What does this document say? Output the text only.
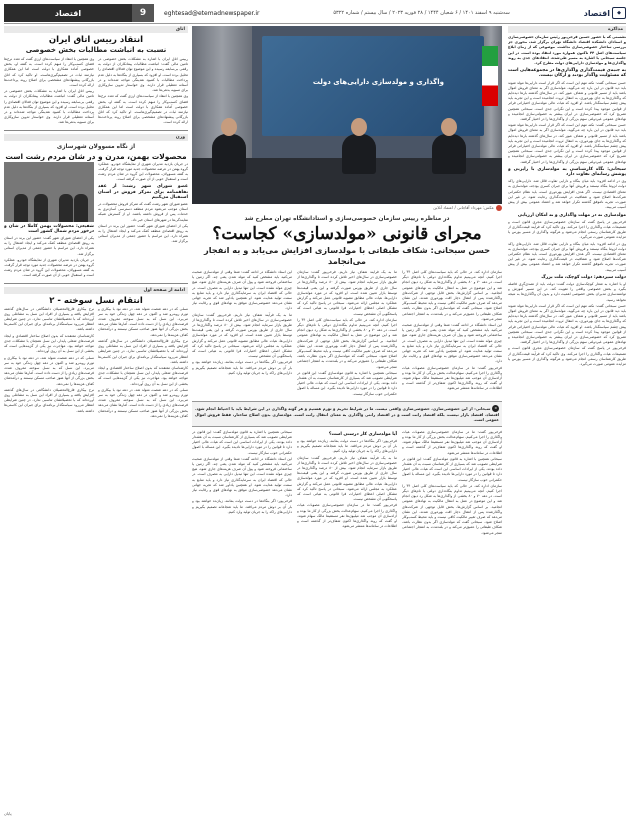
◆
اقتصاد
سه‌شنبه ۹ اسفند ۱۴۰۱ / ۶ شعبان ۱۴۴۴ / ۲۸ فوریه ۲۰۲۳ / سال بیستم / شماره ۵۳۲۲
eghtesad@etemadnewspaper.ir
9
اقتصاد
مذاکره

نشستی که با حضور حسین فرخی‌پور رئیس سازمان خصوصی‌سازی و استادان دانشکده اقتصاد دانشگاه تهران برگزار شد، محوری جز بررسی ساختار خصوصی‌سازی نداشت. موضوعی که از زمان ابلاغ سیاست‌های اصل ۴۴ تاکنون همواره مورد انتقاد بوده است. در این جلسه سبحانی با اشاره به مسیر طی‌شده، انتقادهای جدی به روند واگذاری‌ها و مولدسازی دارایی‌های دولت مطرح کرد.

به جنبه‌ی قیمت‌گذاری واگذاری‌ها در مجموعه‌هایی است که مسئولیت واگذار بودند و ارکان نیست.

حسن سبحانی گفت: نکته مهم این است که اگر قرار است دارایی‌ها مولد شوند باید دید قانون در این باره چه می‌گوید. مولدسازی اگر به معنای فروش اموال باشد باید از مسیر قانونی و شفاف عبور کند. در سال‌های گذشته بارها دیده‌ایم که واگذاری‌ها به جای بهره‌وری، به انتقال ثروت انجامیده است و این تجربه باید پیش چشم سیاستگذار باشد. او افزود که هیات عالی مولدسازی اختیاراتی فراتر از قوانین موجود پیدا کرده است و این نگرانی جدی است. سبحانی همچنین تصریح کرد که خصوصی‌سازی در ایران بیشتر به خصولتی‌سازی انجامیده و نهادهای عمومی غیردولتی سهم بزرگی از واگذاری‌ها را در اختیار گرفتند.

حسن سبحانی گفت: نکته مهم این است که اگر قرار است دارایی‌ها مولد شوند باید دید قانون در این باره چه می‌گوید. مولدسازی اگر به معنای فروش اموال باشد باید از مسیر قانونی و شفاف عبور کند. در سال‌های گذشته بارها دیده‌ایم که واگذاری‌ها به جای بهره‌وری، به انتقال ثروت انجامیده است و این تجربه باید پیش چشم سیاستگذار باشد. او افزود که هیات عالی مولدسازی اختیاراتی فراتر از قوانین موجود پیدا کرده است و این نگرانی جدی است. سبحانی همچنین تصریح کرد که خصوصی‌سازی در ایران بیشتر به خصولتی‌سازی انجامیده و نهادهای عمومی غیردولتی سهم بزرگی از واگذاری‌ها را در اختیار گرفتند.

سبحانی: نگاه کارشناسی به مولدسازی با رایزنی و پوشش رسانه‌ای تفاوت دارد

وی در ادامه افزود: باید میان بنگاه و دارایی تفاوت قائل شد. دارایی‌های راکد دولت لزوما بنگاه نیستند و فروش آنها برای جبران کسری بودجه، مولدسازی به معنای اقتصادی نیست. اگر هدف افزایش بهره‌وری است، باید نظام حکمرانی شرکت‌ها اصلاح شود و شفافیت در قیمت‌گذاری رعایت شود. در غیر این صورت، تجربه ناموفق گذشته تکرار خواهد شد و اعتماد عمومی بیش از پیش آسیب می‌بیند.

مولدسازی نه در مهلت واگذاری و نه امکان ارزیابی

فرخی‌پور در پاسخ گفت که سازمان خصوصی‌سازی مجری قانون است و تصمیمات هیات واگذاری را اجرا می‌کند. وی تاکید کرد که فرآیند قیمت‌گذاری از طریق کارشناسان رسمی انجام می‌شود و هرگونه واگذاری از مسیر بورس یا مزایده عمومی صورت می‌گیرد.

وی در ادامه افزود: باید میان بنگاه و دارایی تفاوت قائل شد. دارایی‌های راکد دولت لزوما بنگاه نیستند و فروش آنها برای جبران کسری بودجه، مولدسازی به معنای اقتصادی نیست. اگر هدف افزایش بهره‌وری است، باید نظام حکمرانی شرکت‌ها اصلاح شود و شفافیت در قیمت‌گذاری رعایت شود. در غیر این صورت، تجربه ناموفق گذشته تکرار خواهد شد و اعتماد عمومی بیش از پیش آسیب می‌بیند.

دولت سیزدهم: دولت کوچک، ملت بزرگ

او با اشاره به شعار کوچک‌سازی دولت گفت: دولت باید از تصدی‌گری فاصله بگیرد و بخش خصوصی واقعی را تقویت کند. در این مسیر آموزش و توانمندسازی مدیران بخش خصوصی اهمیت دارد و بدون آن واگذاری‌ها به نتیجه نخواهد رسید.

حسن سبحانی گفت: نکته مهم این است که اگر قرار است دارایی‌ها مولد شوند باید دید قانون در این باره چه می‌گوید. مولدسازی اگر به معنای فروش اموال باشد باید از مسیر قانونی و شفاف عبور کند. در سال‌های گذشته بارها دیده‌ایم که واگذاری‌ها به جای بهره‌وری، به انتقال ثروت انجامیده است و این تجربه باید پیش چشم سیاستگذار باشد. او افزود که هیات عالی مولدسازی اختیاراتی فراتر از قوانین موجود پیدا کرده است و این نگرانی جدی است. سبحانی همچنین تصریح کرد که خصوصی‌سازی در ایران بیشتر به خصولتی‌سازی انجامیده و نهادهای عمومی غیردولتی سهم بزرگی از واگذاری‌ها را در اختیار گرفتند.

فرخی‌پور در پاسخ گفت که سازمان خصوصی‌سازی مجری قانون است و تصمیمات هیات واگذاری را اجرا می‌کند. وی تاکید کرد که فرآیند قیمت‌گذاری از طریق کارشناسان رسمی انجام می‌شود و هرگونه واگذاری از مسیر بورس یا مزایده عمومی صورت می‌گیرد.

واگذاری و مولدسازی دارایی‌های دولت
عکس: مهرداد آقاجانی / اعتماد آنلاین
در مناظره رییس سازمان خصوصی‌سازی و استادانشگاه تهران مطرح شد
مجرای قانونی «مولدسازی» کجاست؟
حسن سبحانی: شکاف طبقاتی با مولدسازی افزایش می‌یابد و به انفجار می‌انجامد

سازمان اداره کند. در حالی که باید سیاست‌های کلی اصل ۴۴ را اجرا کنیم، آنچه می‌بینیم تداوم بنگاه‌داری دولتی با نام‌های دیگر است. در دهه ۷۰ و ۸۰ بخشی از واگذاری‌ها به شکل رد دیون انجام شد و این موضوع در عمل به انتقال مالکیت به نهادهای عمومی انجامید. بر اساس گزارش‌ها، بخش قابل توجهی از شرکت‌های واگذارشده پس از انتقال دچار افت بهره‌وری شدند. این نشان می‌دهد که صرف تغییر مالکیت کافی نیست و باید محیط کسب‌وکار اصلاح شود. سبحانی گفت که مولدسازی اگر بدون نظارت باشد، شکاف طبقاتی را عمیق‌تر می‌کند و در بلندمدت به انفجار اجتماعی منجر می‌شود.

این استاد دانشگاه در ادامه گفت: شما وقتی از مولدسازی صحبت می‌کنید باید مشخص کنید که مولد شدن یعنی چه. اگر زمین یا ساختمانی فروخته شود و پول آن صرف هزینه‌های جاری شود، هیچ چیزی مولد نشده است. این تنها تبدیل دارایی به مصرف است. در حالی که اقتصاد ایران به سرمایه‌گذاری نیاز دارد و باید منابع به سمت تولید هدایت شود. او همچنین یادآور شد که تجربه جهانی نشان می‌دهد خصوصی‌سازی موفق به نهادهای قوی و رقابت نیاز دارد.

فرخی‌پور گفت: ما در سازمان خصوصی‌سازی مصوبات هیات واگذاری را اجرا می‌کنیم. سهام‌عدالت بخش بزرگی از کار ما بوده و آزادسازی آن موجب شد میلیون‌ها نفر مستقیما مالک سهام شوند. او گفت که روند واگذاری‌ها اکنون شفاف‌تر از گذشته است و اطلاعات در سامانه‌ها منتشر می‌شود.

ما به یک فرآیند شفاف نیاز داریم. فرخی‌پور گفت: سازمان خصوصی‌سازی در سال‌های اخیر تلاش کرده است تا واگذاری‌ها از طریق بازار سرمایه انجام شود. بیش از ۸۰ درصد واگذاری‌ها در سال جاری از طریق بورس صورت گرفته و این یعنی قیمت‌ها توسط بازار تعیین شده است. او افزود که در مورد مولدسازی دارایی‌ها، هیات عالی مطابق مصوبه قانونی عمل می‌کند و گزارش عملکرد به مجلس ارائه می‌شود. سبحانی در پاسخ تاکید کرد که مشکل اصلی اعطای اختیارات فرا قانونی به هیاتی است که پاسخگویی آن مشخص نیست.

سازمان اداره کند. در حالی که باید سیاست‌های کلی اصل ۴۴ را اجرا کنیم، آنچه می‌بینیم تداوم بنگاه‌داری دولتی با نام‌های دیگر است. در دهه ۷۰ و ۸۰ بخشی از واگذاری‌ها به شکل رد دیون انجام شد و این موضوع در عمل به انتقال مالکیت به نهادهای عمومی انجامید. بر اساس گزارش‌ها، بخش قابل توجهی از شرکت‌های واگذارشده پس از انتقال دچار افت بهره‌وری شدند. این نشان می‌دهد که صرف تغییر مالکیت کافی نیست و باید محیط کسب‌وکار اصلاح شود. سبحانی گفت که مولدسازی اگر بدون نظارت باشد، شکاف طبقاتی را عمیق‌تر می‌کند و در بلندمدت به انفجار اجتماعی منجر می‌شود.

سبحانی همچنین با اشاره به قانون مولدسازی گفت: این قانون در شرایطی تصویب شد که بسیاری از کارشناسان نسبت به آن هشدار داده بودند. یکی از ایرادات اساسی این است که هیات عالی اختیار دارد تا قوانین را در مورد دارایی‌ها نادیده بگیرد. این مساله با اصول حکمرانی خوب سازگار نیست.

این استاد دانشگاه در ادامه گفت: شما وقتی از مولدسازی صحبت می‌کنید باید مشخص کنید که مولد شدن یعنی چه. اگر زمین یا ساختمانی فروخته شود و پول آن صرف هزینه‌های جاری شود، هیچ چیزی مولد نشده است. این تنها تبدیل دارایی به مصرف است. در حالی که اقتصاد ایران به سرمایه‌گذاری نیاز دارد و باید منابع به سمت تولید هدایت شود. او همچنین یادآور شد که تجربه جهانی نشان می‌دهد خصوصی‌سازی موفق به نهادهای قوی و رقابت نیاز دارد.

ما به یک فرآیند شفاف نیاز داریم. فرخی‌پور گفت: سازمان خصوصی‌سازی در سال‌های اخیر تلاش کرده است تا واگذاری‌ها از طریق بازار سرمایه انجام شود. بیش از ۸۰ درصد واگذاری‌ها در سال جاری از طریق بورس صورت گرفته و این یعنی قیمت‌ها توسط بازار تعیین شده است. او افزود که در مورد مولدسازی دارایی‌ها، هیات عالی مطابق مصوبه قانونی عمل می‌کند و گزارش عملکرد به مجلس ارائه می‌شود. سبحانی در پاسخ تاکید کرد که مشکل اصلی اعطای اختیارات فرا قانونی به هیاتی است که پاسخگویی آن مشخص نیست.

فرخی‌پور: اگر بنگاه‌ها در دست دولت بمانند، زیان‌ده خواهند بود و بار آن بر دوش مردم می‌افتد. ما باید شجاعانه تصمیم بگیریم و دارایی‌های راکد را به جریان تولید وارد کنیم.

❝ سبحانی: از این خصوصی‌سازی، خصوصی‌سازی واقعی نیست. ما در شرایط تحریم و تورم هستیم و هر گونه واگذاری در این شرایط باید با احتیاط انجام شود. اقتصاد، اقتصاد بازار نیست، بلکه اقتصاد رانت است و در اقتصاد رانتی واگذاری به معنای انتقال رانت است. مولدسازی بدون اصلاح ساختار، فقط فروش اموال عمومی است.

فرخی‌پور گفت: ما در سازمان خصوصی‌سازی مصوبات هیات واگذاری را اجرا می‌کنیم. سهام‌عدالت بخش بزرگی از کار ما بوده و آزادسازی آن موجب شد میلیون‌ها نفر مستقیما مالک سهام شوند. او گفت که روند واگذاری‌ها اکنون شفاف‌تر از گذشته است و اطلاعات در سامانه‌ها منتشر می‌شود.

سبحانی همچنین با اشاره به قانون مولدسازی گفت: این قانون در شرایطی تصویب شد که بسیاری از کارشناسان نسبت به آن هشدار داده بودند. یکی از ایرادات اساسی این است که هیات عالی اختیار دارد تا قوانین را در مورد دارایی‌ها نادیده بگیرد. این مساله با اصول حکمرانی خوب سازگار نیست.

سازمان اداره کند. در حالی که باید سیاست‌های کلی اصل ۴۴ را اجرا کنیم، آنچه می‌بینیم تداوم بنگاه‌داری دولتی با نام‌های دیگر است. در دهه ۷۰ و ۸۰ بخشی از واگذاری‌ها به شکل رد دیون انجام شد و این موضوع در عمل به انتقال مالکیت به نهادهای عمومی انجامید. بر اساس گزارش‌ها، بخش قابل توجهی از شرکت‌های واگذارشده پس از انتقال دچار افت بهره‌وری شدند. این نشان می‌دهد که صرف تغییر مالکیت کافی نیست و باید محیط کسب‌وکار اصلاح شود. سبحانی گفت که مولدسازی اگر بدون نظارت باشد، شکاف طبقاتی را عمیق‌تر می‌کند و در بلندمدت به انفجار اجتماعی منجر می‌شود.

آیا مولدسازی کار درستی است؟

فرخی‌پور: اگر بنگاه‌ها در دست دولت بمانند، زیان‌ده خواهند بود و بار آن بر دوش مردم می‌افتد. ما باید شجاعانه تصمیم بگیریم و دارایی‌های راکد را به جریان تولید وارد کنیم.

ما به یک فرآیند شفاف نیاز داریم. فرخی‌پور گفت: سازمان خصوصی‌سازی در سال‌های اخیر تلاش کرده است تا واگذاری‌ها از طریق بازار سرمایه انجام شود. بیش از ۸۰ درصد واگذاری‌ها در سال جاری از طریق بورس صورت گرفته و این یعنی قیمت‌ها توسط بازار تعیین شده است. او افزود که در مورد مولدسازی دارایی‌ها، هیات عالی مطابق مصوبه قانونی عمل می‌کند و گزارش عملکرد به مجلس ارائه می‌شود. سبحانی در پاسخ تاکید کرد که مشکل اصلی اعطای اختیارات فرا قانونی به هیاتی است که پاسخگویی آن مشخص نیست.

فرخی‌پور گفت: ما در سازمان خصوصی‌سازی مصوبات هیات واگذاری را اجرا می‌کنیم. سهام‌عدالت بخش بزرگی از کار ما بوده و آزادسازی آن موجب شد میلیون‌ها نفر مستقیما مالک سهام شوند. او گفت که روند واگذاری‌ها اکنون شفاف‌تر از گذشته است و اطلاعات در سامانه‌ها منتشر می‌شود.

سبحانی همچنین با اشاره به قانون مولدسازی گفت: این قانون در شرایطی تصویب شد که بسیاری از کارشناسان نسبت به آن هشدار داده بودند. یکی از ایرادات اساسی این است که هیات عالی اختیار دارد تا قوانین را در مورد دارایی‌ها نادیده بگیرد. این مساله با اصول حکمرانی خوب سازگار نیست.

این استاد دانشگاه در ادامه گفت: شما وقتی از مولدسازی صحبت می‌کنید باید مشخص کنید که مولد شدن یعنی چه. اگر زمین یا ساختمانی فروخته شود و پول آن صرف هزینه‌های جاری شود، هیچ چیزی مولد نشده است. این تنها تبدیل دارایی به مصرف است. در حالی که اقتصاد ایران به سرمایه‌گذاری نیاز دارد و باید منابع به سمت تولید هدایت شود. او همچنین یادآور شد که تجربه جهانی نشان می‌دهد خصوصی‌سازی موفق به نهادهای قوی و رقابت نیاز دارد.

فرخی‌پور: اگر بنگاه‌ها در دست دولت بمانند، زیان‌ده خواهند بود و بار آن بر دوش مردم می‌افتد. ما باید شجاعانه تصمیم بگیریم و دارایی‌های راکد را به جریان تولید وارد کنیم.

اتاق
انتقاد رییس اتاق ایران
نسبت به انباشت مطالبات بخش خصوصی

رییس اتاق ایران با اشاره به مشکلات بخش خصوصی در تامین مالی گفت: انباشت مطالبات پیمانکاران از دولت به رقمی بی‌سابقه رسیده و این موضوع توان فعالان اقتصادی را تحلیل برده است. او افزود که بسیاری از بنگاه‌ها به دلیل عدم پرداخت مطالبات با کمبود نقدینگی مواجه شده‌اند و در آستانه تعطیلی قرار دارند. وی خواستار تدوین سازوکاری برای تسویه بدهی‌ها شد.

وی همچنین با انتقاد از سیاست‌های ارزی گفت که تعدد نرخ‌ها فضای کسب‌وکار را مبهم کرده است. به گفته او، بخش خصوصی آماده همکاری با دولت است اما این همکاری نیازمند ثبات در تصمیم‌گیری‌هاست. او تاکید کرد که اتاق بازرگانی پیشنهادهای مشخصی برای اصلاح روند پرداخت‌ها ارائه کرده است.

وی همچنین با انتقاد از سیاست‌های ارزی گفت که تعدد نرخ‌ها فضای کسب‌وکار را مبهم کرده است. به گفته او، بخش خصوصی آماده همکاری با دولت است اما این همکاری نیازمند ثبات در تصمیم‌گیری‌هاست. او تاکید کرد که اتاق بازرگانی پیشنهادهای مشخصی برای اصلاح روند پرداخت‌ها ارائه کرده است.

رییس اتاق ایران با اشاره به مشکلات بخش خصوصی در تامین مالی گفت: انباشت مطالبات پیمانکاران از دولت به رقمی بی‌سابقه رسیده و این موضوع توان فعالان اقتصادی را تحلیل برده است. او افزود که بسیاری از بنگاه‌ها به دلیل عدم پرداخت مطالبات با کمبود نقدینگی مواجه شده‌اند و در آستانه تعطیلی قرار دارند. وی خواستار تدوین سازوکاری برای تسویه بدهی‌ها شد.

وزن
از نگاه مسوولان شهرسازی
محصولات بهمن، مدرن و در شان مردم رشت است

در جریان بازدید مدیران شهری از نمایشگاه خودرو، عملکرد گروه بهمن در عرضه محصولات جدید مورد توجه قرار گرفت. به گفته مسوولان، محصولات این گروه در شان مردم رشت است و استقبال خوبی از آن صورت گرفته است.

عضو شورای شهر رشت: از عقد تفاهمنامه برای تمرکز فروش در استان استقبال می‌کنیم

عضو شورای شهر رشت گفت که تمرکز فروش محصولات در استان موجب می‌شود مردم منطقه دسترسی آسان‌تری به خدمات پس از فروش داشته باشند. او از گسترش شبکه نمایندگی‌ها در شهرهای استان خبر داد.

یکی از اعضای شورای شهر گفت: حضور این برند در استان به رونق اقتصادی منطقه کمک می‌کند و ایجاد اشتغال را به همراه دارد. این مراسم با حضور جمعی از مدیران استانی برگزار شد.

شفیعی: محصولات بهمن کاملا در شان و درخور مردم شمال کشور است

یکی از اعضای شورای شهر گفت: حضور این برند در استان به رونق اقتصادی منطقه کمک می‌کند و ایجاد اشتغال را به همراه دارد. این مراسم با حضور جمعی از مدیران استانی برگزار شد.

در جریان بازدید مدیران شهری از نمایشگاه خودرو، عملکرد گروه بهمن در عرضه محصولات جدید مورد توجه قرار گرفت. به گفته مسوولان، محصولات این گروه در شان مردم رشت است و استقبال خوبی از آن صورت گرفته است.

ادامه از صفحه اول
انتقام نسل سوخته - ۲

نسلی که در دهه شصت متولد شد، در دهه نود با بیکاری و تورم روبه‌رو شد و اکنون در دهه چهل زندگی خود به سر می‌برد. این نسل که به نسل سوخته معروف شده، فرصت‌های زیادی را از دست داده است. آمارها نشان می‌دهد بخش بزرگی از آنها هنوز صاحب مسکن نیستند و درآمدشان کفاف هزینه‌ها را نمی‌دهد.

نرخ بیکاری فارغ‌التحصیلان دانشگاهی در سال‌های گذشته افزایش یافته و بسیاری از افراد این نسل به مشاغلی روی آورده‌اند که با تحصیلاتشان تناسبی ندارد. در چنین شرایطی انتظار می‌رود سیاستگذار برنامه‌ای برای جبران این کاستی‌ها داشته باشد.

کارشناسان معتقدند که بدون اصلاح ساختار اقتصادی و ایجاد فرصت‌های شغلی پایدار، این نسل همچنان با مشکلات جدی مواجه خواهد بود. مهاجرت نیز یکی از گزینه‌هایی است که بخشی از این نسل به آن روی آورده‌اند.

نسلی که در دهه شصت متولد شد، در دهه نود با بیکاری و تورم روبه‌رو شد و اکنون در دهه چهل زندگی خود به سر می‌برد. این نسل که به نسل سوخته معروف شده، فرصت‌های زیادی را از دست داده است. آمارها نشان می‌دهد بخش بزرگی از آنها هنوز صاحب مسکن نیستند و درآمدشان کفاف هزینه‌ها را نمی‌دهد.

نرخ بیکاری فارغ‌التحصیلان دانشگاهی در سال‌های گذشته افزایش یافته و بسیاری از افراد این نسل به مشاغلی روی آورده‌اند که با تحصیلاتشان تناسبی ندارد. در چنین شرایطی انتظار می‌رود سیاستگذار برنامه‌ای برای جبران این کاستی‌ها داشته باشد.

کارشناسان معتقدند که بدون اصلاح ساختار اقتصادی و ایجاد فرصت‌های شغلی پایدار، این نسل همچنان با مشکلات جدی مواجه خواهد بود. مهاجرت نیز یکی از گزینه‌هایی است که بخشی از این نسل به آن روی آورده‌اند.

نسلی که در دهه شصت متولد شد، در دهه نود با بیکاری و تورم روبه‌رو شد و اکنون در دهه چهل زندگی خود به سر می‌برد. این نسل که به نسل سوخته معروف شده، فرصت‌های زیادی را از دست داده است. آمارها نشان می‌دهد بخش بزرگی از آنها هنوز صاحب مسکن نیستند و درآمدشان کفاف هزینه‌ها را نمی‌دهد.

نرخ بیکاری فارغ‌التحصیلان دانشگاهی در سال‌های گذشته افزایش یافته و بسیاری از افراد این نسل به مشاغلی روی آورده‌اند که با تحصیلاتشان تناسبی ندارد. در چنین شرایطی انتظار می‌رود سیاستگذار برنامه‌ای برای جبران این کاستی‌ها داشته باشد.

پایان
